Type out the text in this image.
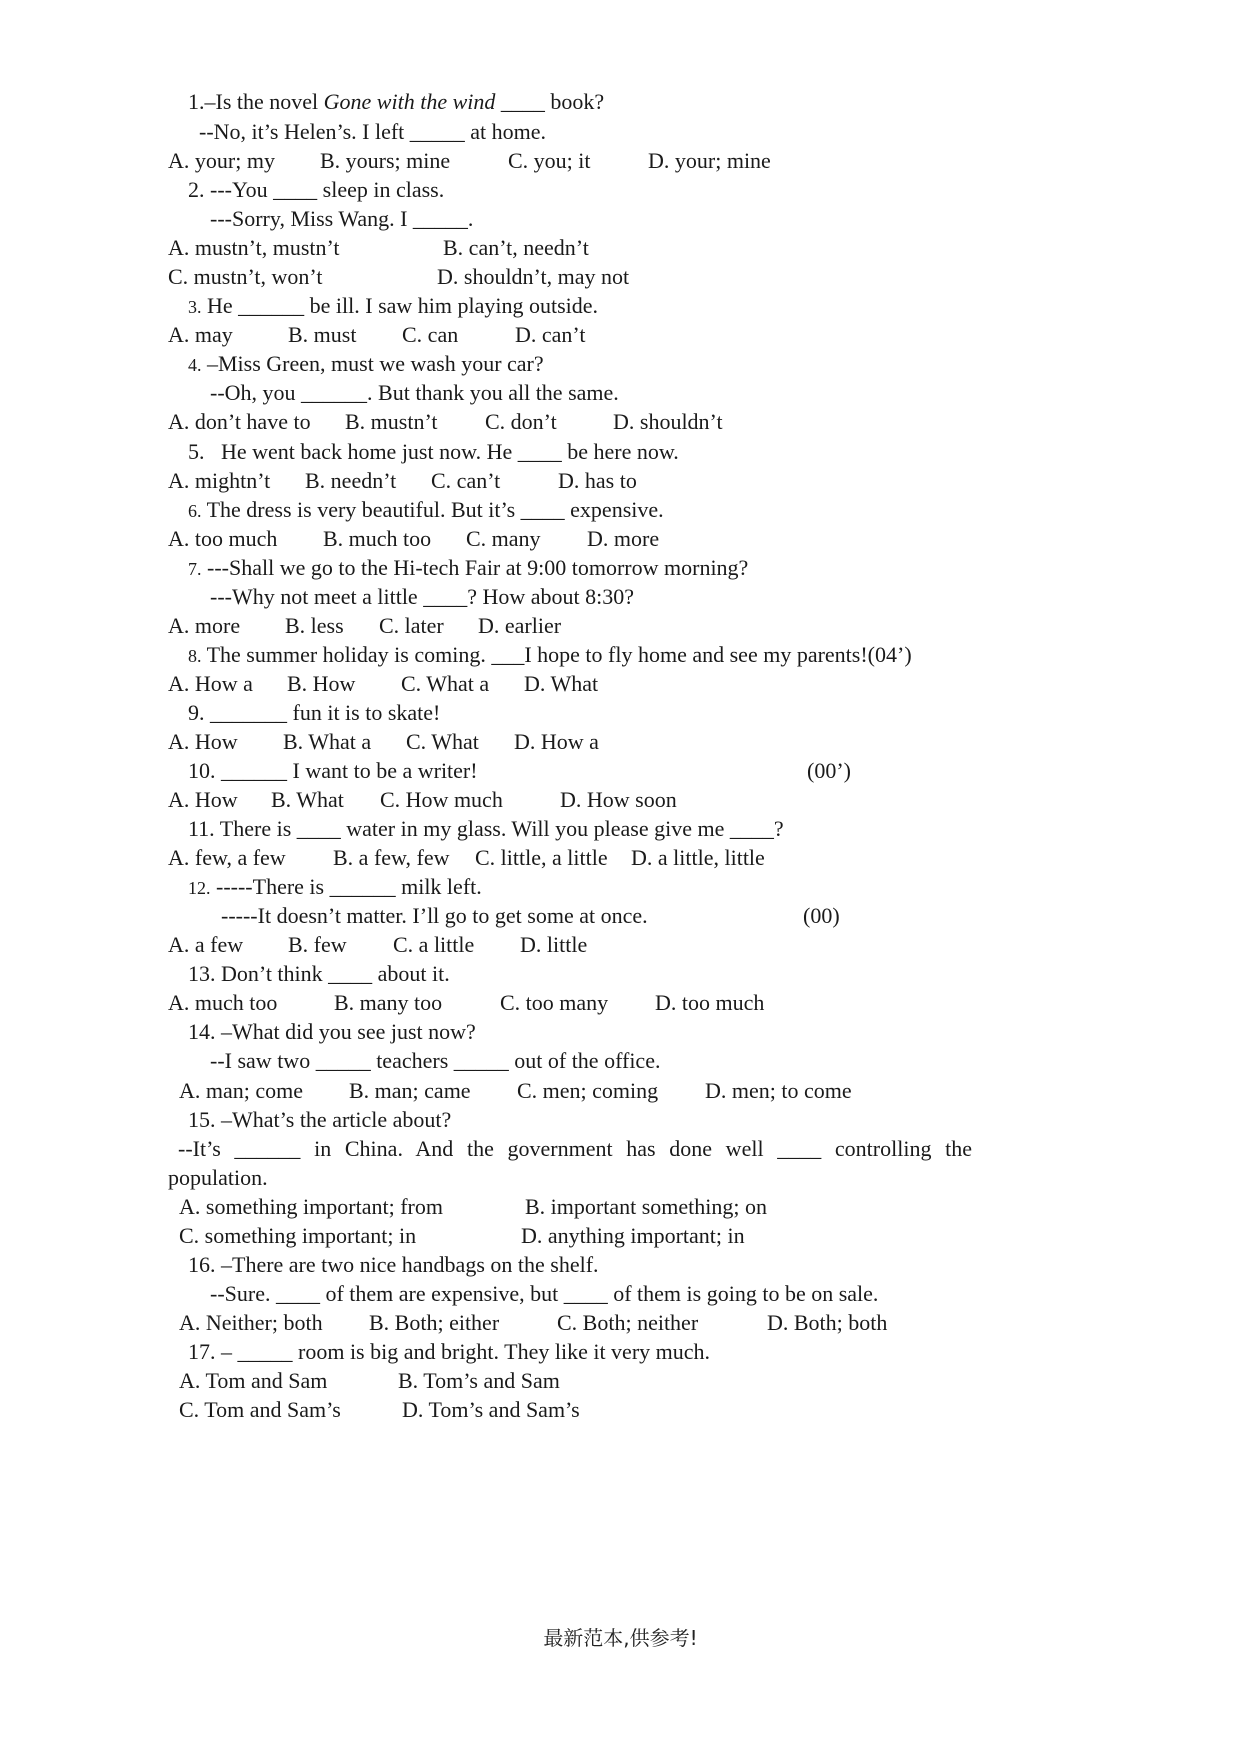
1.–Is the novel Gone with the wind ____ book?
--No, it’s Helen’s. I left _____ at home.
A. your; my B. yours; mine	C. you; it	D. your; mine
2. ---You ____ sleep in class.
---Sorry, Miss Wang. I _____.
A. mustn’t, mustn’t	B. can’t, needn’t
C. mustn’t, won’t	D. shouldn’t, may not
3. He ______ be ill. I saw him playing outside.
A. may	B. must C. can	D. can’t
4. –Miss Green, must we wash your car?
--Oh, you ______. But thank you all the same.
A. don’t have to B. mustn’t C. don’t	D. shouldn’t
5.   He went back home just now. He ____ be here now.
A. mightn’t B. needn’t C. can’t	D. has to
6. The dress is very beautiful. But it’s ____ expensive.
A. too much B. much too C. many D. more
7. ---Shall we go to the Hi-tech Fair at 9:00 tomorrow morning?
---Why not meet a little ____? How about 8:30?
A. more B. less C. later D. earlier
8. The summer holiday is coming. ___I hope to fly home and see my parents!(04’)
A. How a B. How C. What a D. What
9. _______ fun it is to skate!
A. How B. What a C. What D. How a
10. ______ I want to be a writer!	(00’)
A. How B. What C. How much	D. How soon
11. There is ____ water in my glass. Will you please give me ____?
A. few, a few B. a few, few C. little, a little D. a little, little
12. -----There is ______ milk left.
-----It doesn’t matter. I’ll go to get some at once.	(00)
A. a few B. few C. a little D. little
13. Don’t think ____ about it.
A. much too	B. many too	C. too many D. too much
14. –What did you see just now?
--I saw two _____ teachers _____ out of the office.
A. man; come B. man; came C. men; coming D. men; to come
15. –What’s the article about?
--It’s ______ in China. And the government has done well ____ controlling the
population.
A. something important; from	B. important something; on
C. something important; in	D. anything important; in
16. –There are two nice handbags on the shelf.
--Sure. ____ of them are expensive, but ____ of them is going to be on sale.
A. Neither; both B. Both; either	C. Both; neither	D. Both; both
17. – _____ room is big and bright. They like it very much.
A. Tom and Sam	B. Tom’s and Sam
C. Tom and Sam’s	D. Tom’s and Sam’s
最新范本,供参考!
